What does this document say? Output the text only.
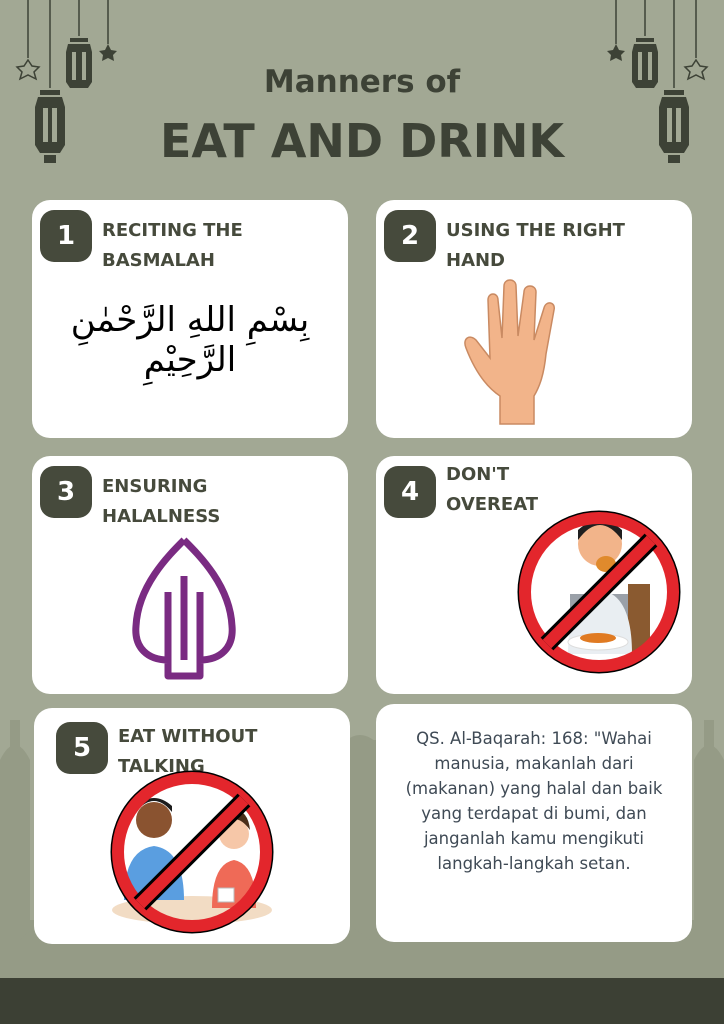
Manners of
EAT AND DRINK
1	RECITING THE
BASMALAH
بِسْمِ اللهِ الرَّحْمٰنِ الرَّحِيْمِ
2	USING THE RIGHT
HAND
3	ENSURING
HALALNESS
4
DON'T
OVEREAT
5	EAT WITHOUT
TALKING
QS. Al-Baqarah: 168: "Wahai manusia, makanlah dari (makanan) yang halal dan baik yang terdapat di bumi, dan janganlah kamu mengikuti langkah-langkah setan.
